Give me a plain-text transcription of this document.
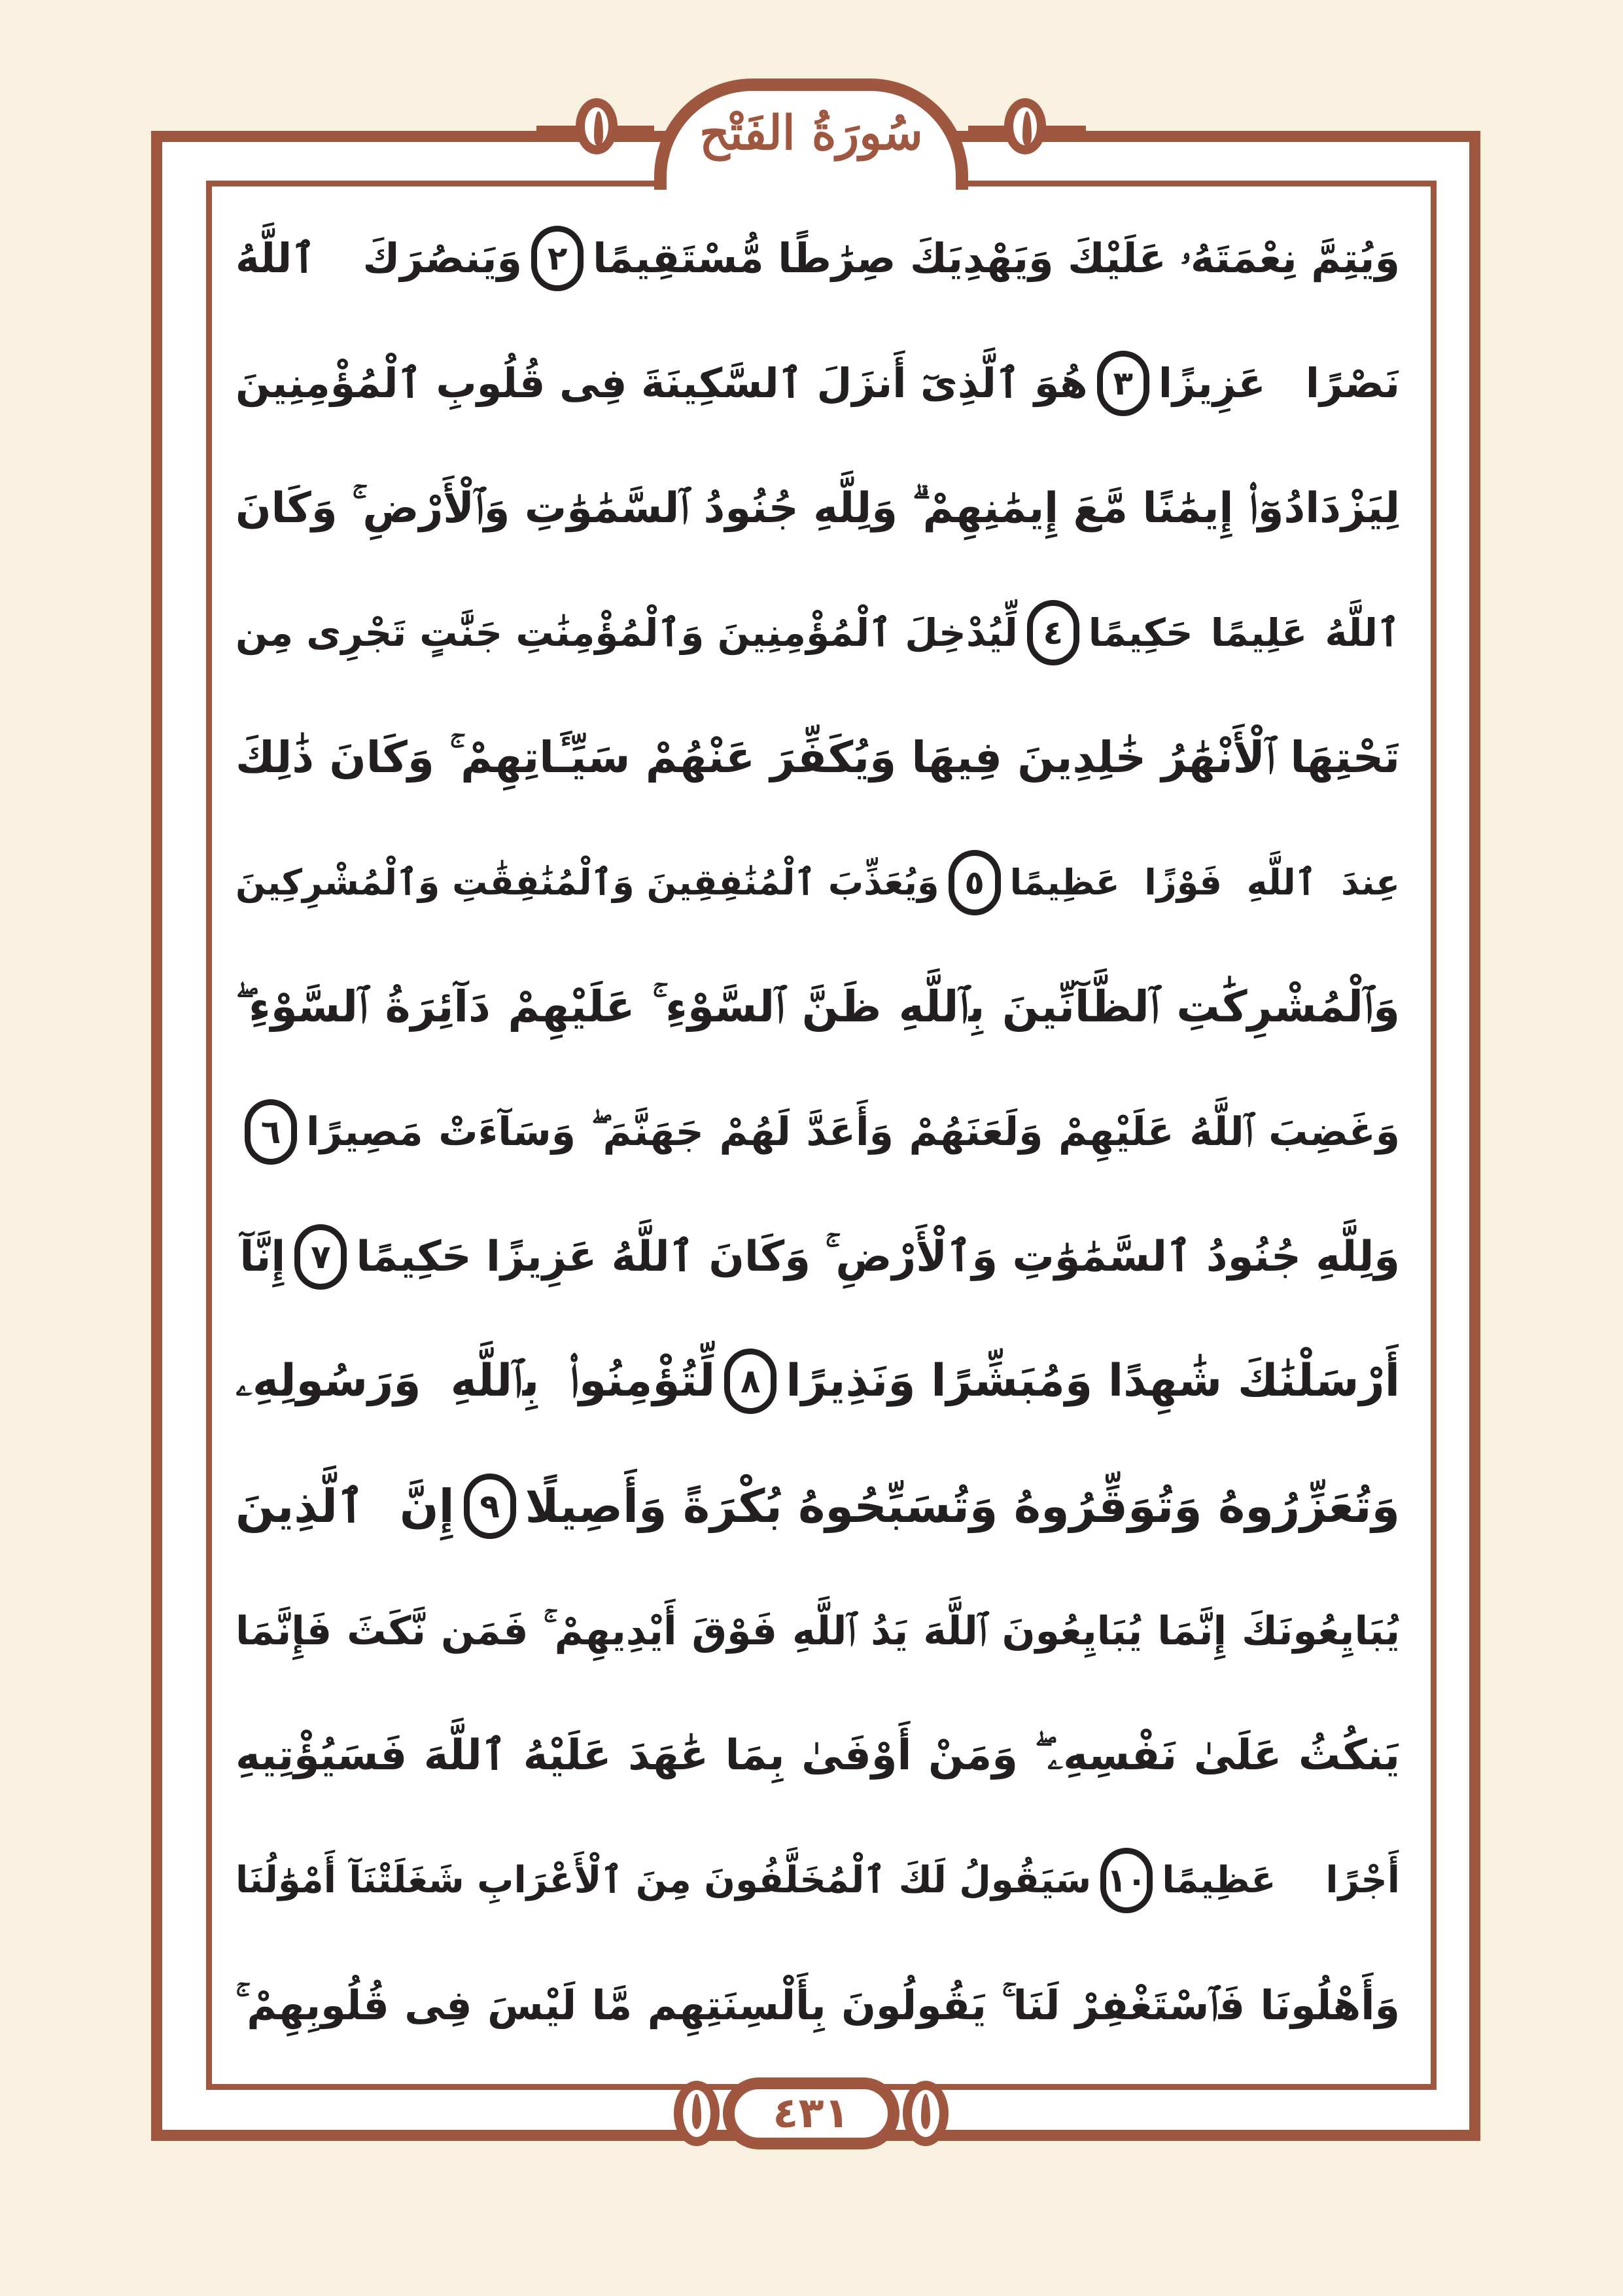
سُورَةُ الفَتْح
وَيُتِمَّ نِعْمَتَهُۥ عَلَيْكَ وَيَهْدِيَكَ صِرَٰطًا مُّسْتَقِيمًا
٢
وَيَنصُرَكَ ٱللَّهُ
نَصْرًا عَزِيزًا
٣
هُوَ ٱلَّذِىٓ أَنزَلَ ٱلسَّكِينَةَ فِى قُلُوبِ ٱلْمُؤْمِنِينَ
لِيَزْدَادُوٓا۟ إِيمَٰنًا مَّعَ إِيمَٰنِهِمْ ۗ وَلِلَّهِ جُنُودُ ٱلسَّمَٰوَٰتِ وَٱلْأَرْضِ ۚ وَكَانَ
ٱللَّهُ عَلِيمًا حَكِيمًا
٤
لِّيُدْخِلَ ٱلْمُؤْمِنِينَ وَٱلْمُؤْمِنَٰتِ جَنَّٰتٍ تَجْرِى مِن
تَحْتِهَا ٱلْأَنْهَٰرُ خَٰلِدِينَ فِيهَا وَيُكَفِّرَ عَنْهُمْ سَيِّـَٔاتِهِمْ ۚ وَكَانَ ذَٰلِكَ
عِندَ ٱللَّهِ فَوْزًا عَظِيمًا
٥
وَيُعَذِّبَ ٱلْمُنَٰفِقِينَ وَٱلْمُنَٰفِقَٰتِ وَٱلْمُشْرِكِينَ
وَٱلْمُشْرِكَٰتِ ٱلظَّآنِّينَ بِٱللَّهِ ظَنَّ ٱلسَّوْءِ ۚ عَلَيْهِمْ دَآئِرَةُ ٱلسَّوْءِ ۖ
وَغَضِبَ ٱللَّهُ عَلَيْهِمْ وَلَعَنَهُمْ وَأَعَدَّ لَهُمْ جَهَنَّمَ ۖ وَسَآءَتْ مَصِيرًا
٦
وَلِلَّهِ جُنُودُ ٱلسَّمَٰوَٰتِ وَٱلْأَرْضِ ۚ وَكَانَ ٱللَّهُ عَزِيزًا حَكِيمًا
٧
إِنَّآ
أَرْسَلْنَٰكَ شَٰهِدًا وَمُبَشِّرًا وَنَذِيرًا
٨
لِّتُؤْمِنُوا۟ بِٱللَّهِ وَرَسُولِهِۦ
وَتُعَزِّرُوهُ وَتُوَقِّرُوهُ وَتُسَبِّحُوهُ بُكْرَةً وَأَصِيلًا
٩
إِنَّ ٱلَّذِينَ
يُبَايِعُونَكَ إِنَّمَا يُبَايِعُونَ ٱللَّهَ يَدُ ٱللَّهِ فَوْقَ أَيْدِيهِمْ ۚ فَمَن نَّكَثَ فَإِنَّمَا
يَنكُثُ عَلَىٰ نَفْسِهِۦ ۖ وَمَنْ أَوْفَىٰ بِمَا عَٰهَدَ عَلَيْهُ ٱللَّهَ فَسَيُؤْتِيهِ
أَجْرًا عَظِيمًا
١٠
سَيَقُولُ لَكَ ٱلْمُخَلَّفُونَ مِنَ ٱلْأَعْرَابِ شَغَلَتْنَآ أَمْوَٰلُنَا
وَأَهْلُونَا فَٱسْتَغْفِرْ لَنَا ۚ يَقُولُونَ بِأَلْسِنَتِهِم مَّا لَيْسَ فِى قُلُوبِهِمْ ۚ
٤٣١
